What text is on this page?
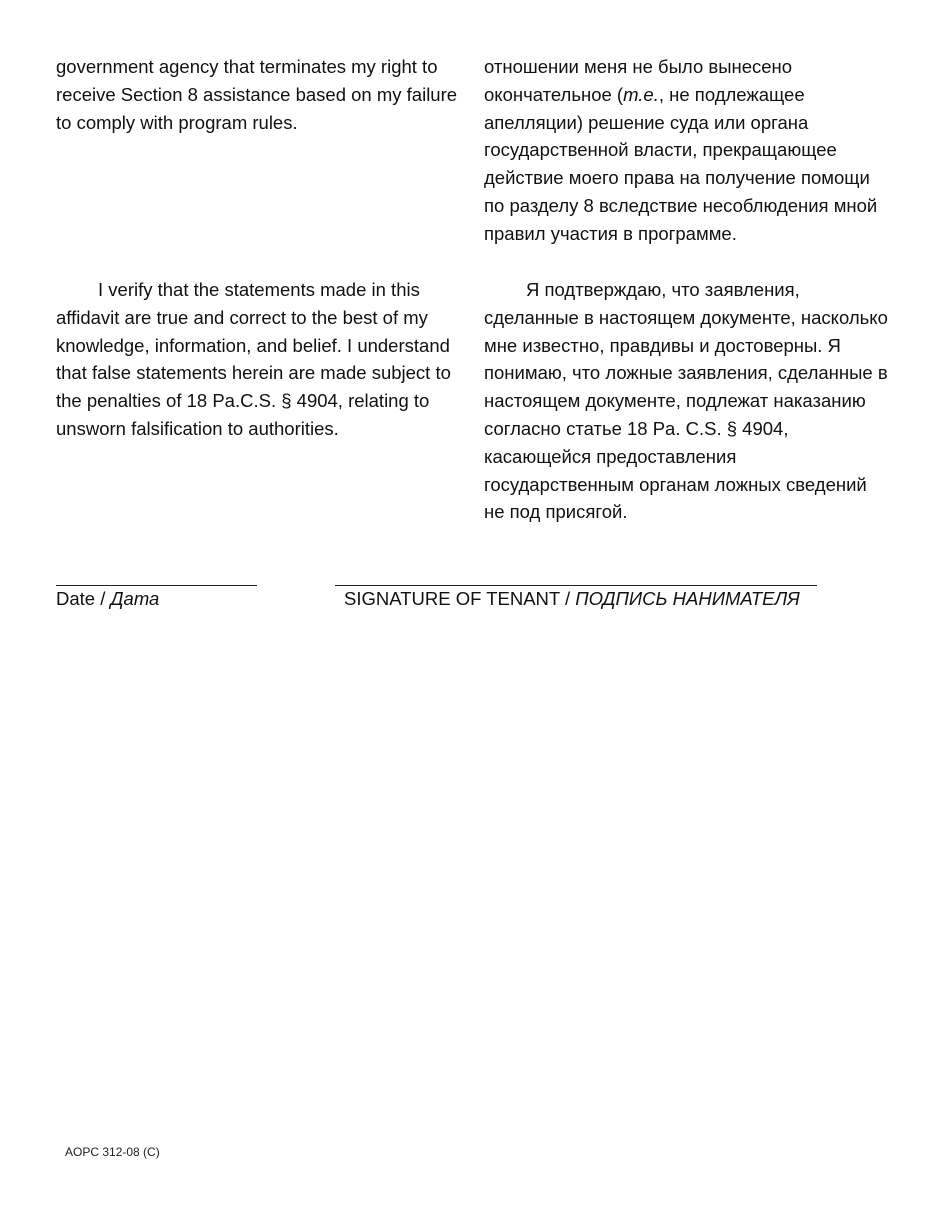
government agency that terminates my right to
receive Section 8 assistance based on my failure
to comply with program rules.
отношении меня не было вынесено
окончательное (т.е., не подлежащее
апелляции) решение суда или органа
государственной власти, прекращающее
действие моего права на получение помощи
по разделу 8 вследствие несоблюдения мной
правил участия в программе.
I verify that the statements made in this
affidavit are true and correct to the best of my
knowledge, information, and belief. I understand
that false statements herein are made subject to
the penalties of 18 Pa.C.S. § 4904, relating to
unsworn falsification to authorities.
Я подтверждаю, что заявления,
сделанные в настоящем документе, насколько
мне известно, правдивы и достоверны. Я
понимаю, что ложные заявления, сделанные в
настоящем документе, подлежат наказанию
согласно статье 18 Pa. C.S. § 4904,
касающейся предоставления
государственным органам ложных сведений
не под присягой.
Date / Дата	SIGNATURE OF TENANT / ПОДПИСЬ НАНИМАТЕЛЯ
AOPC 312-08 (C)
